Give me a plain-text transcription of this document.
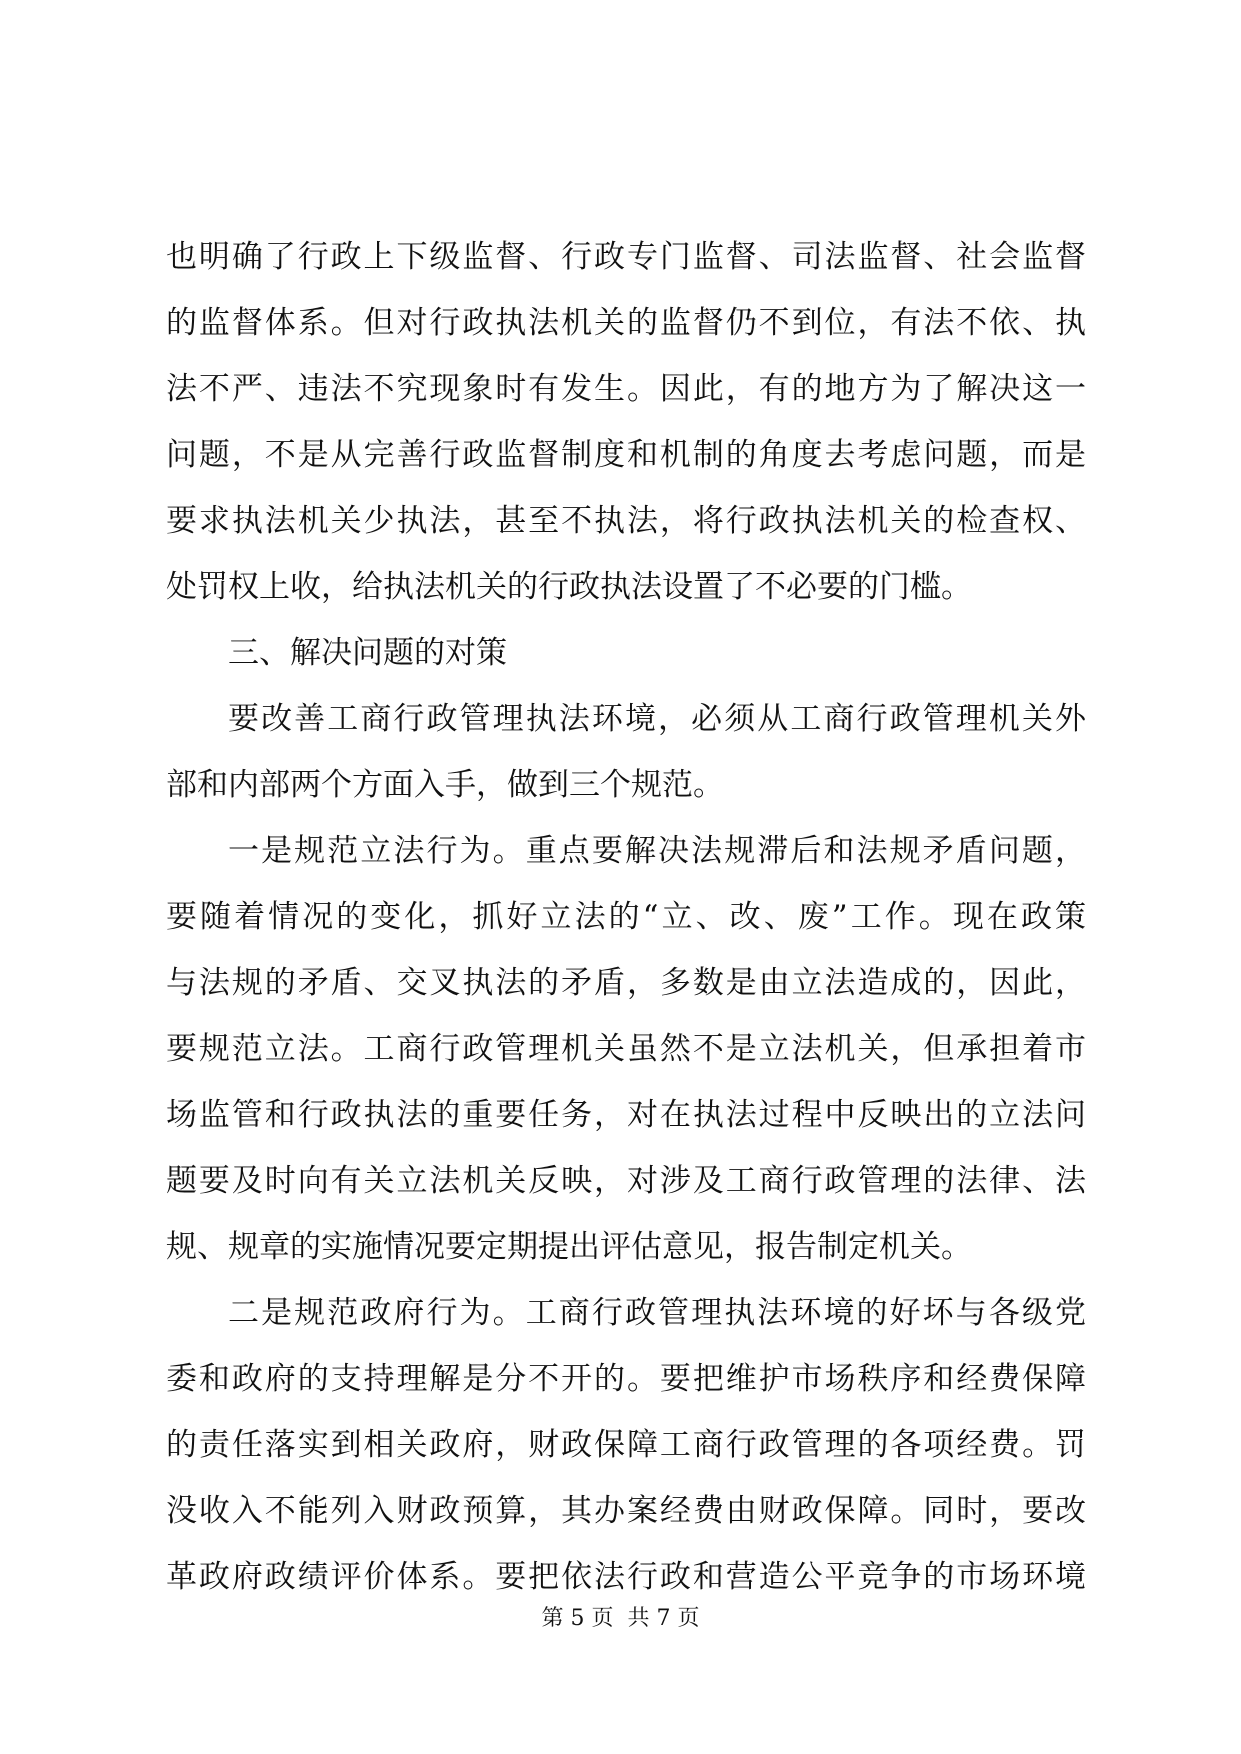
也明确了行政上下级监督、行政专门监督、司法监督、社会监督
的监督体系。但对行政执法机关的监督仍不到位，有法不依、执
法不严、违法不究现象时有发生。因此，有的地方为了解决这一
问题，不是从完善行政监督制度和机制的角度去考虑问题，而是
要求执法机关少执法，甚至不执法，将行政执法机关的检查权、
处罚权上收，给执法机关的行政执法设置了不必要的门槛。
三、解决问题的对策
要改善工商行政管理执法环境，必须从工商行政管理机关外
部和内部两个方面入手，做到三个规范。
一是规范立法行为。重点要解决法规滞后和法规矛盾问题，
要随着情况的变化，抓好立法的“立、改、废”工作。现在政策
与法规的矛盾、交叉执法的矛盾，多数是由立法造成的，因此，
要规范立法。工商行政管理机关虽然不是立法机关，但承担着市
场监管和行政执法的重要任务，对在执法过程中反映出的立法问
题要及时向有关立法机关反映，对涉及工商行政管理的法律、法
规、规章的实施情况要定期提出评估意见，报告制定机关。
二是规范政府行为。工商行政管理执法环境的好坏与各级党
委和政府的支持理解是分不开的。要把维护市场秩序和经费保障
的责任落实到相关政府，财政保障工商行政管理的各项经费。罚
没收入不能列入财政预算，其办案经费由财政保障。同时，要改
革政府政绩评价体系。要把依法行政和营造公平竞争的市场环境
第 5 页  共 7 页
